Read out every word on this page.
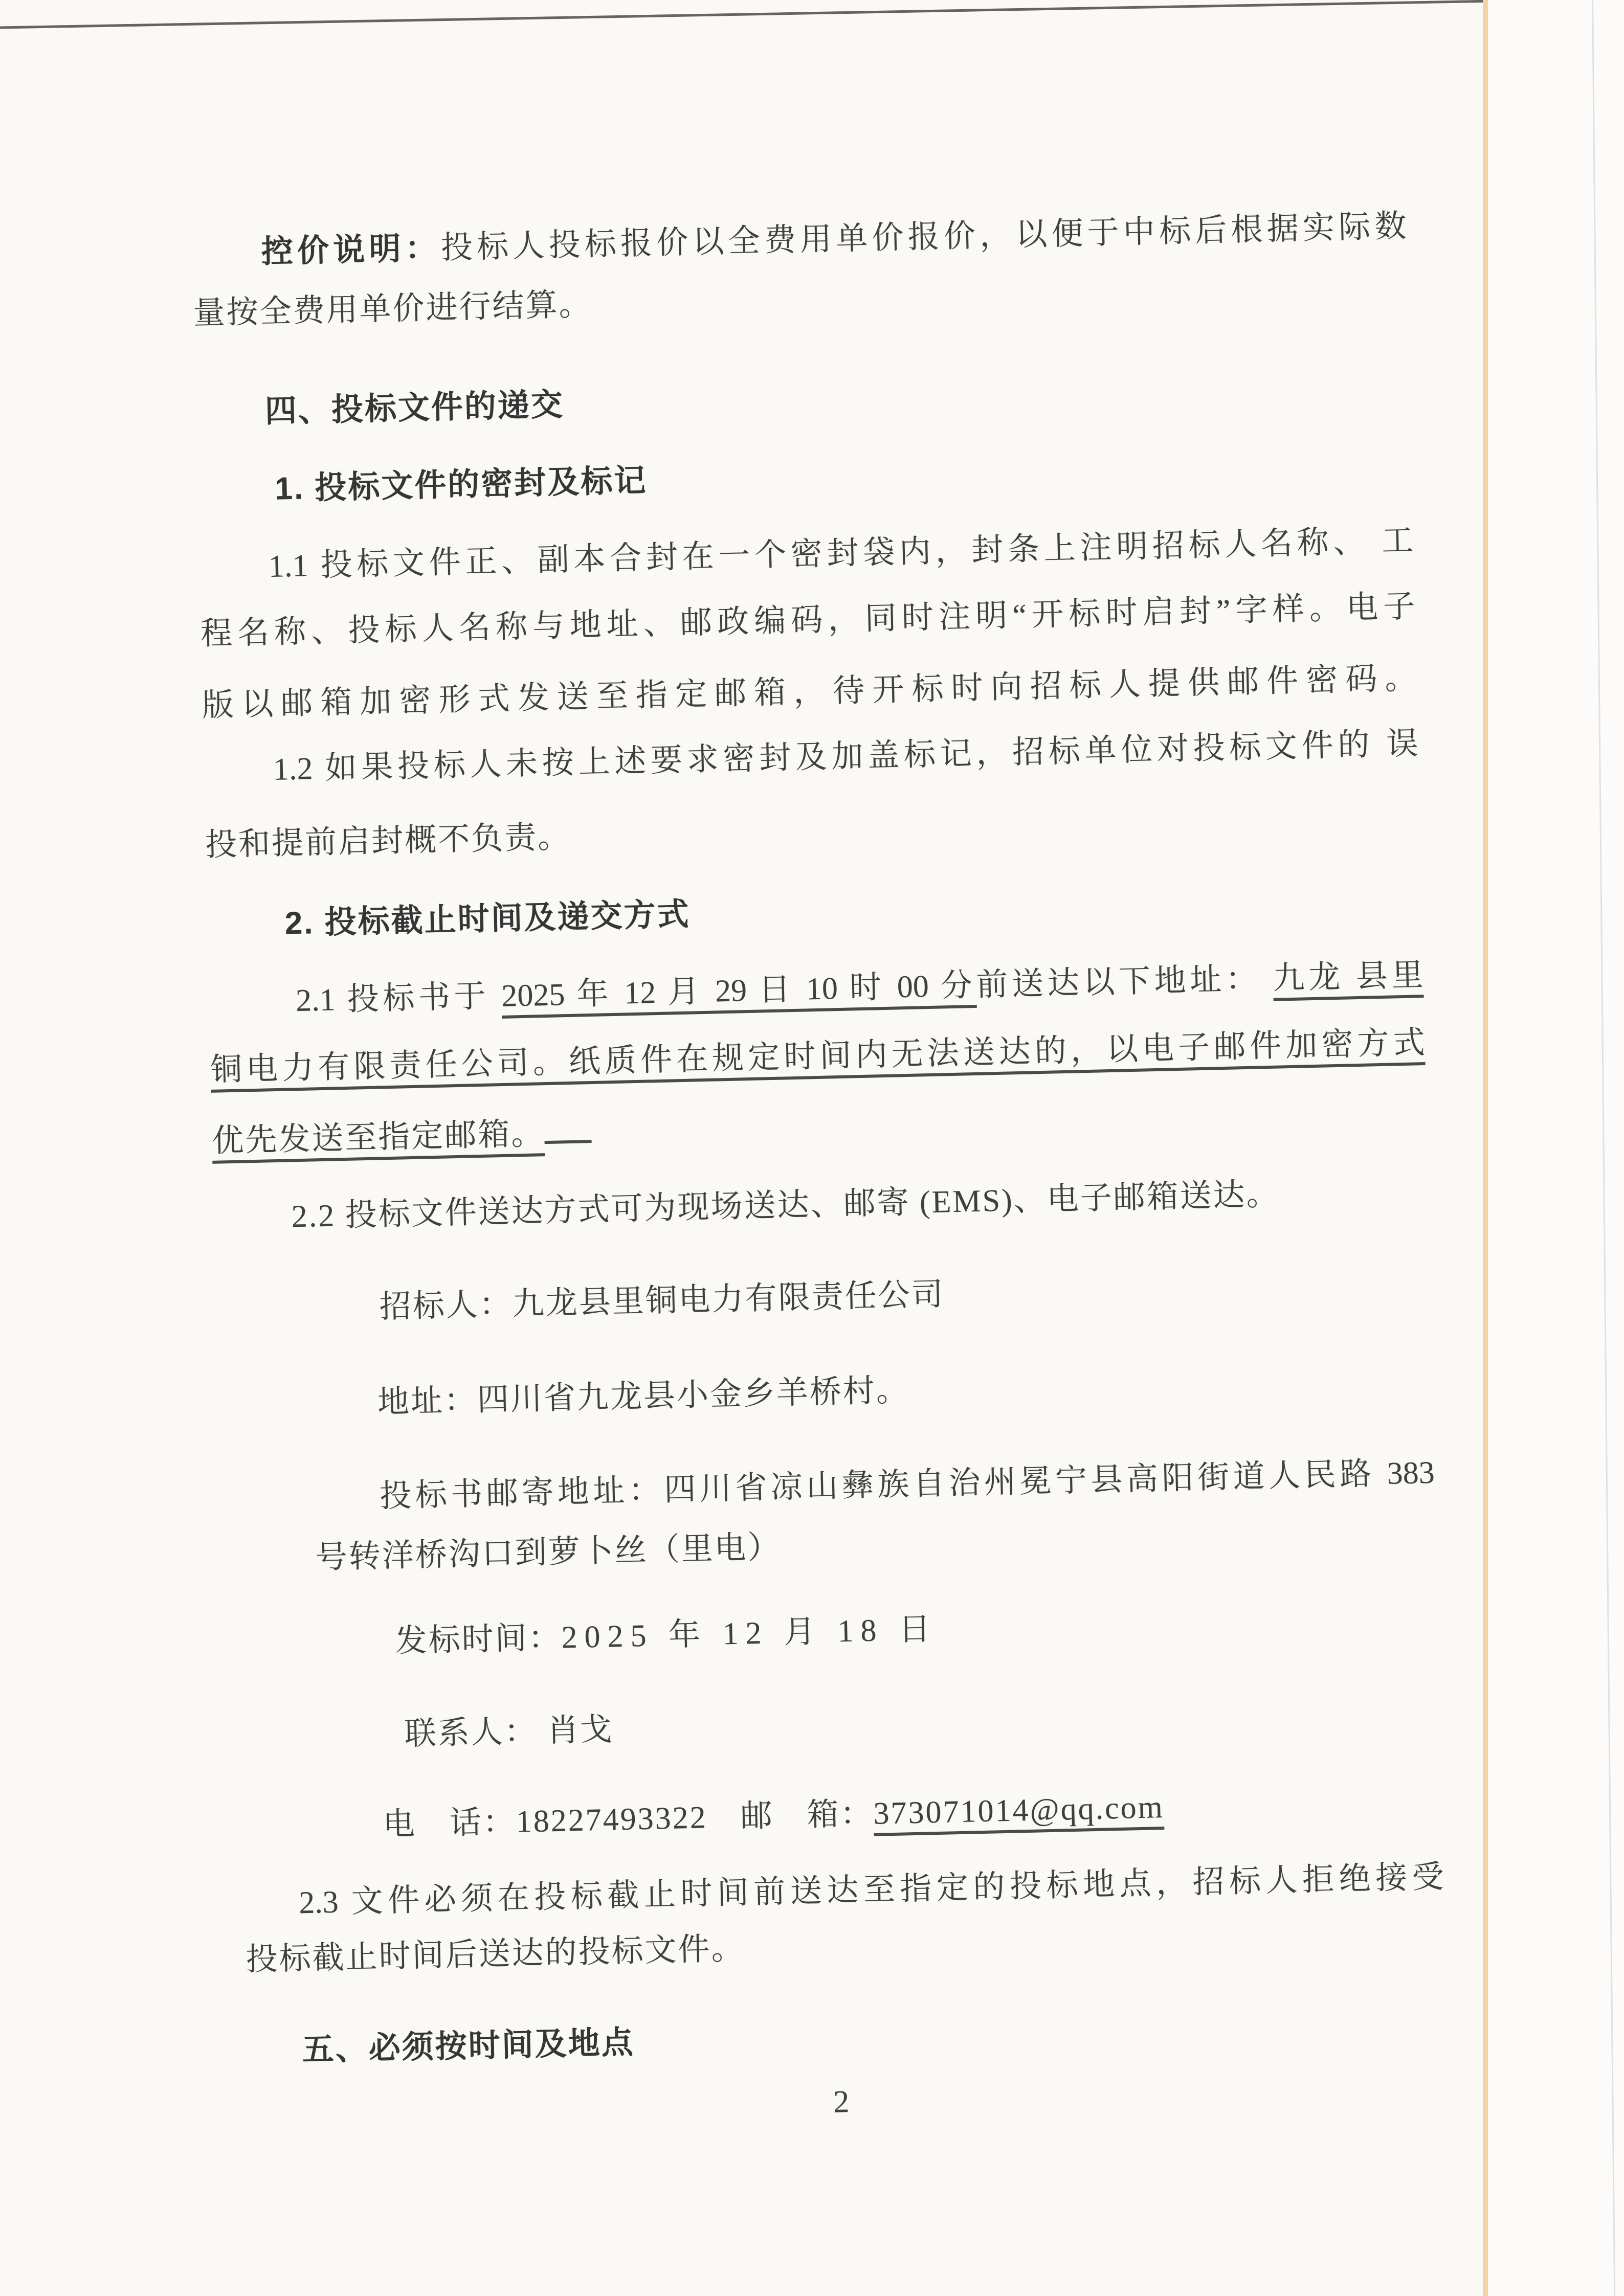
控价说明：投标人投标报价以全费用单价报价，以便于中标后根据实际数
量按全费用单价进行结算。
四、投标文件的递交
1. 投标文件的密封及标记
1.1 投标文件正、副本合封在一个密封袋内，封条上注明招标人名称、 工
程名称、投标人名称与地址、邮政编码，同时注明“开标时启封”字样。电子
版以邮箱加密形式发送至指定邮箱，待开标时向招标人提供邮件密码。
1.2 如果投标人未按上述要求密封及加盖标记，招标单位对投标文件的 误
投和提前启封概不负责。
2. 投标截止时间及递交方式
2.1 投标书于 2025 年 12 月 29 日 10 时 00 分前送达以下地址： 九龙 县里
铜电力有限责任公司。纸质件在规定时间内无法送达的，以电子邮件加密方式
优先发送至指定邮箱。
2.2 投标文件送达方式可为现场送达、邮寄 (EMS)、电子邮箱送达。
招标人：九龙县里铜电力有限责任公司
地址：四川省九龙县小金乡羊桥村。
投标书邮寄地址：四川省凉山彝族自治州冕宁县高阳街道人民路 383
号转洋桥沟口到萝卜丝（里电）
发标时间：2025 年 12 月 18 日
联系人： 肖戈
电　话：18227493322　邮　箱：373071014@qq.com
2.3 文件必须在投标截止时间前送达至指定的投标地点，招标人拒绝接受
投标截止时间后送达的投标文件。
五、必须按时间及地点
2
